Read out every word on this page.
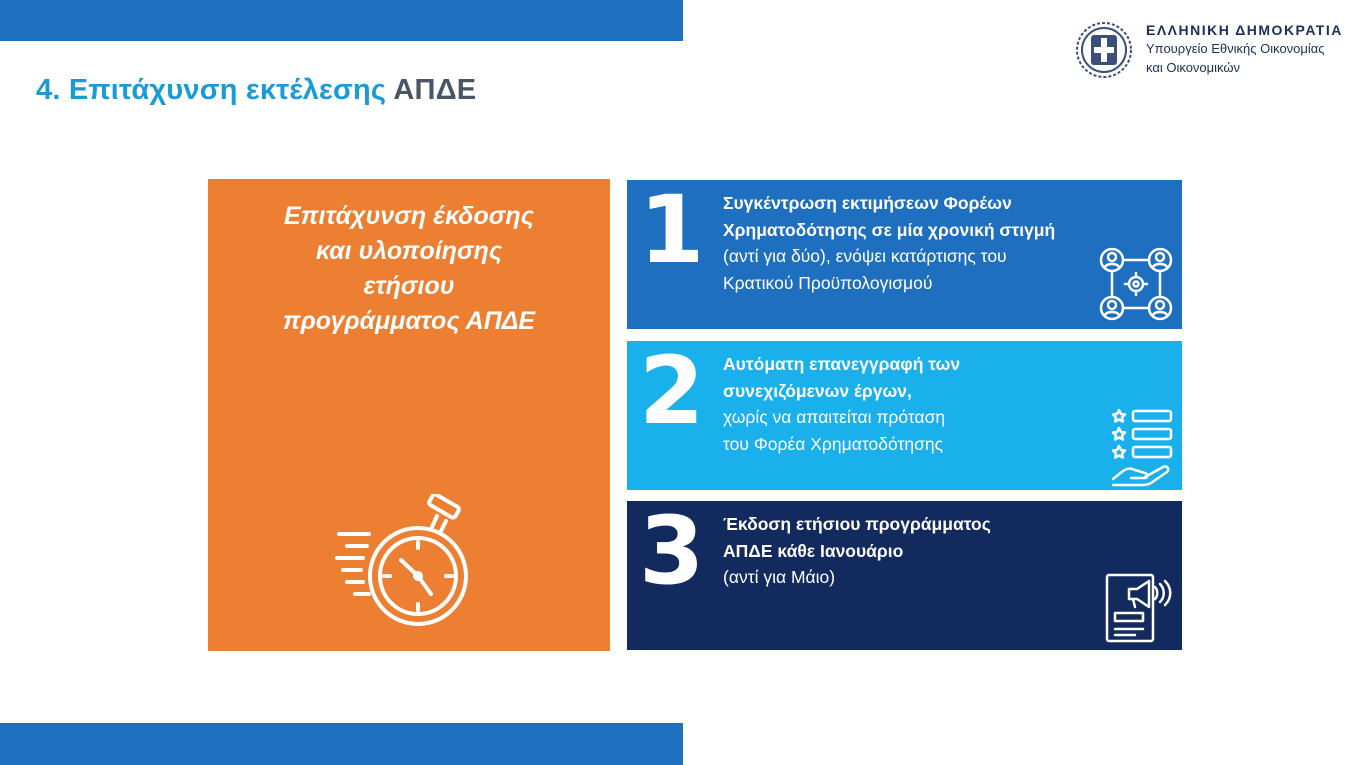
4. Επιτάχυνση εκτέλεσης ΑΠΔΕ
ΕΛΛΗΝΙΚΗ ΔΗΜΟΚΡΑΤΙΑ
Υπουργείο Εθνικής Οικονομίας
και Οικονομικών
Επιτάχυνση έκδοσης
και υλοποίησης
ετήσιου
προγράμματος ΑΠΔΕ
1 Συγκέντρωση εκτιμήσεων Φορέων
Χρηματοδότησης σε μία χρονική στιγμή
(αντί για δύο), ενόψει κατάρτισης του
Κρατικού Προϋπολογισμού
2 Αυτόματη επανεγγραφή των
συνεχιζόμενων έργων,
χωρίς να απαιτείται πρόταση
του Φορέα Χρηματοδότησης
3 Έκδοση ετήσιου προγράμματος
ΑΠΔΕ κάθε Ιανουάριο
(αντί για Μάιο)
